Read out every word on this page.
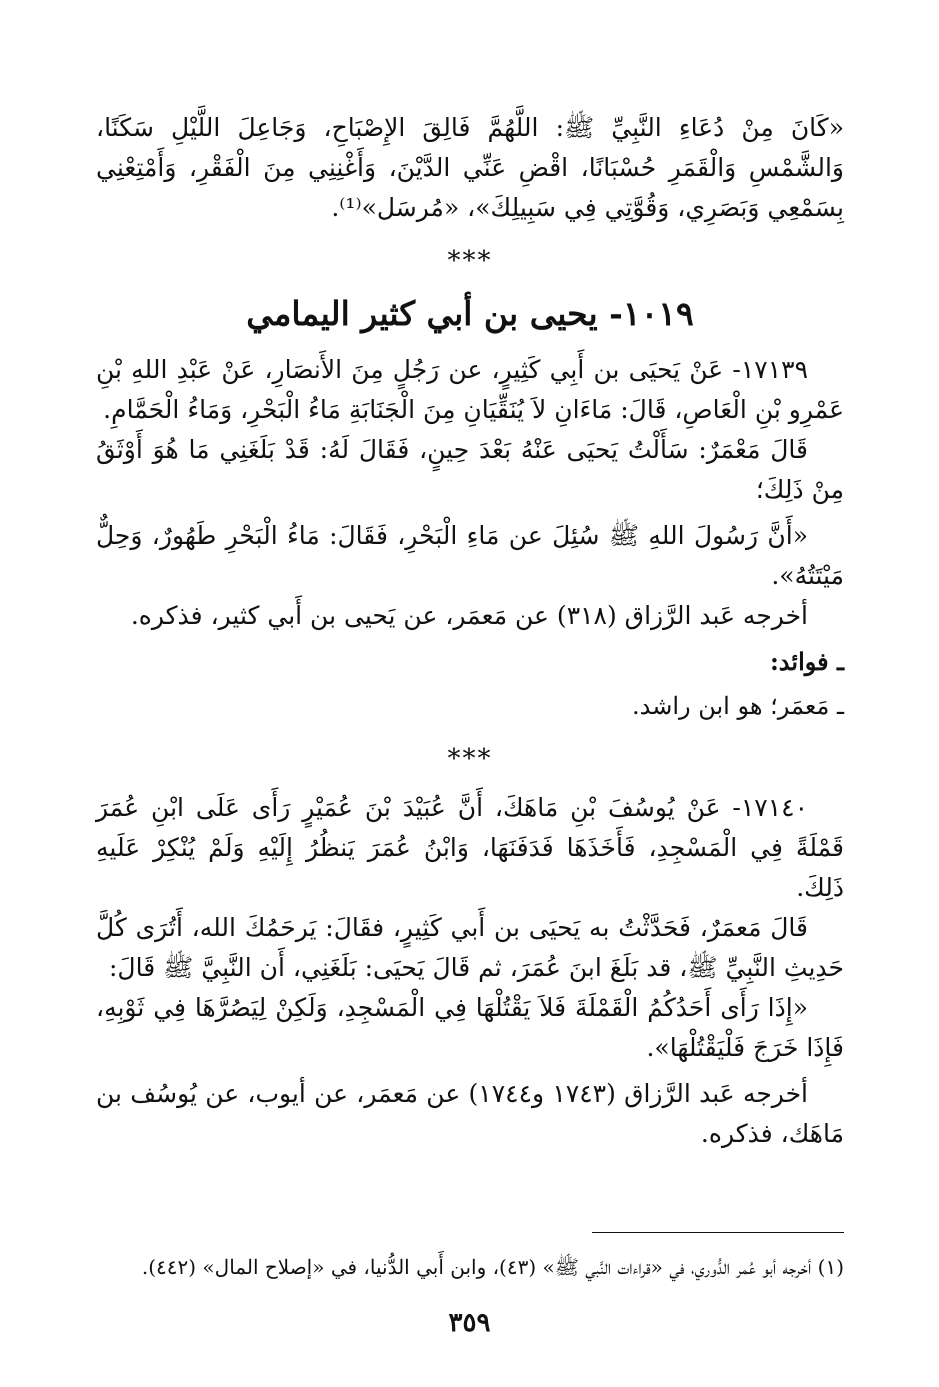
«كَانَ مِنْ دُعَاءِ النَّبِيِّ ﷺ: اللَّهُمَّ فَالِقَ الإِصْبَاحِ، وَجَاعِلَ اللَّيْلِ سَكَنًا، وَالشَّمْسِ وَالْقَمَرِ حُسْبَانًا، اقْضِ عَنِّي الدَّيْنَ، وَأَغْنِنِي مِنَ الْفَقْرِ، وَأَمْتِعْنِي بِسَمْعِي وَبَصَرِي، وَقُوَّتِي فِي سَبِيلِكَ»، «مُرسَل»⁽¹⁾.

***
١٠١٩- يحيى بن أبي كثير اليمامي

١٧١٣٩- عَنْ يَحيَى بن أَبِي كَثِيرٍ، عن رَجُلٍ مِنَ الأَنصَارِ، عَنْ عَبْدِ اللهِ بْنِ عَمْرِو بْنِ الْعَاصِ، قَالَ: مَاءَانِ لاَ يُنَقِّيَانِ مِنَ الْجَنَابَةِ مَاءُ الْبَحْرِ، وَمَاءُ الْحَمَّامِ.

قَالَ مَعْمَرٌ: سَأَلْتُ يَحيَى عَنْهُ بَعْدَ حِينٍ، فَقَالَ لَهُ: قَدْ بَلَغَنِي مَا هُوَ أَوْثَقُ مِنْ ذَلِكَ؛

«أَنَّ رَسُولَ اللهِ ﷺ سُئِلَ عن مَاءِ الْبَحْرِ، فَقَالَ: مَاءُ الْبَحْرِ طَهُورٌ، وَحِلٌّ مَيْتَتُهُ».

أخرجه عَبد الرَّزاق (٣١٨) عن مَعمَر، عن يَحيى بن أَبي كثير، فذكره.

ـ فوائد:

ـ مَعمَر؛ هو ابن راشد.

***

١٧١٤٠- عَنْ يُوسُفَ بْنِ مَاهَكَ، أَنَّ عُبَيْدَ بْنَ عُمَيْرٍ رَأَى عَلَى ابْنِ عُمَرَ قَمْلَةً فِي الْمَسْجِدِ، فَأَخَذَهَا فَدَفَنَهَا، وَابْنُ عُمَرَ يَنظُرُ إِلَيْهِ وَلَمْ يُنْكِرْ عَلَيهِ ذَلِكَ.

قَالَ مَعمَرٌ، فَحَدَّثْتُ به يَحيَى بن أَبي كَثِيرٍ، فقَالَ: يَرحَمُكَ الله، أَتُرَى كُلَّ حَدِيثِ النَّبِيِّ ﷺ، قد بَلَغَ ابنَ عُمَرَ، ثم قَالَ يَحيَى: بَلَغَنِي، أَن النَّبِيَّ ﷺ قَالَ:

«إِذَا رَأَى أَحَدُكُمُ الْقَمْلَةَ فَلاَ يَقْتُلْهَا فِي الْمَسْجِدِ، وَلَكِنْ لِيَصُرَّهَا فِي ثَوْبِهِ، فَإِذَا خَرَجَ فَلْيَقْتُلْهَا».

أخرجه عَبد الرَّزاق (١٧٤٣ و١٧٤٤) عن مَعمَر، عن أيوب، عن يُوسُف بن مَاهَك، فذكره.

(١) أخرجه أبو عُمر الدُّوري، في «قراءات النَّبي ﷺ» (٤٣)، وابن أَبي الدُّنيا، في «إصلاح المال» (٤٤٢).
٣٥٩
